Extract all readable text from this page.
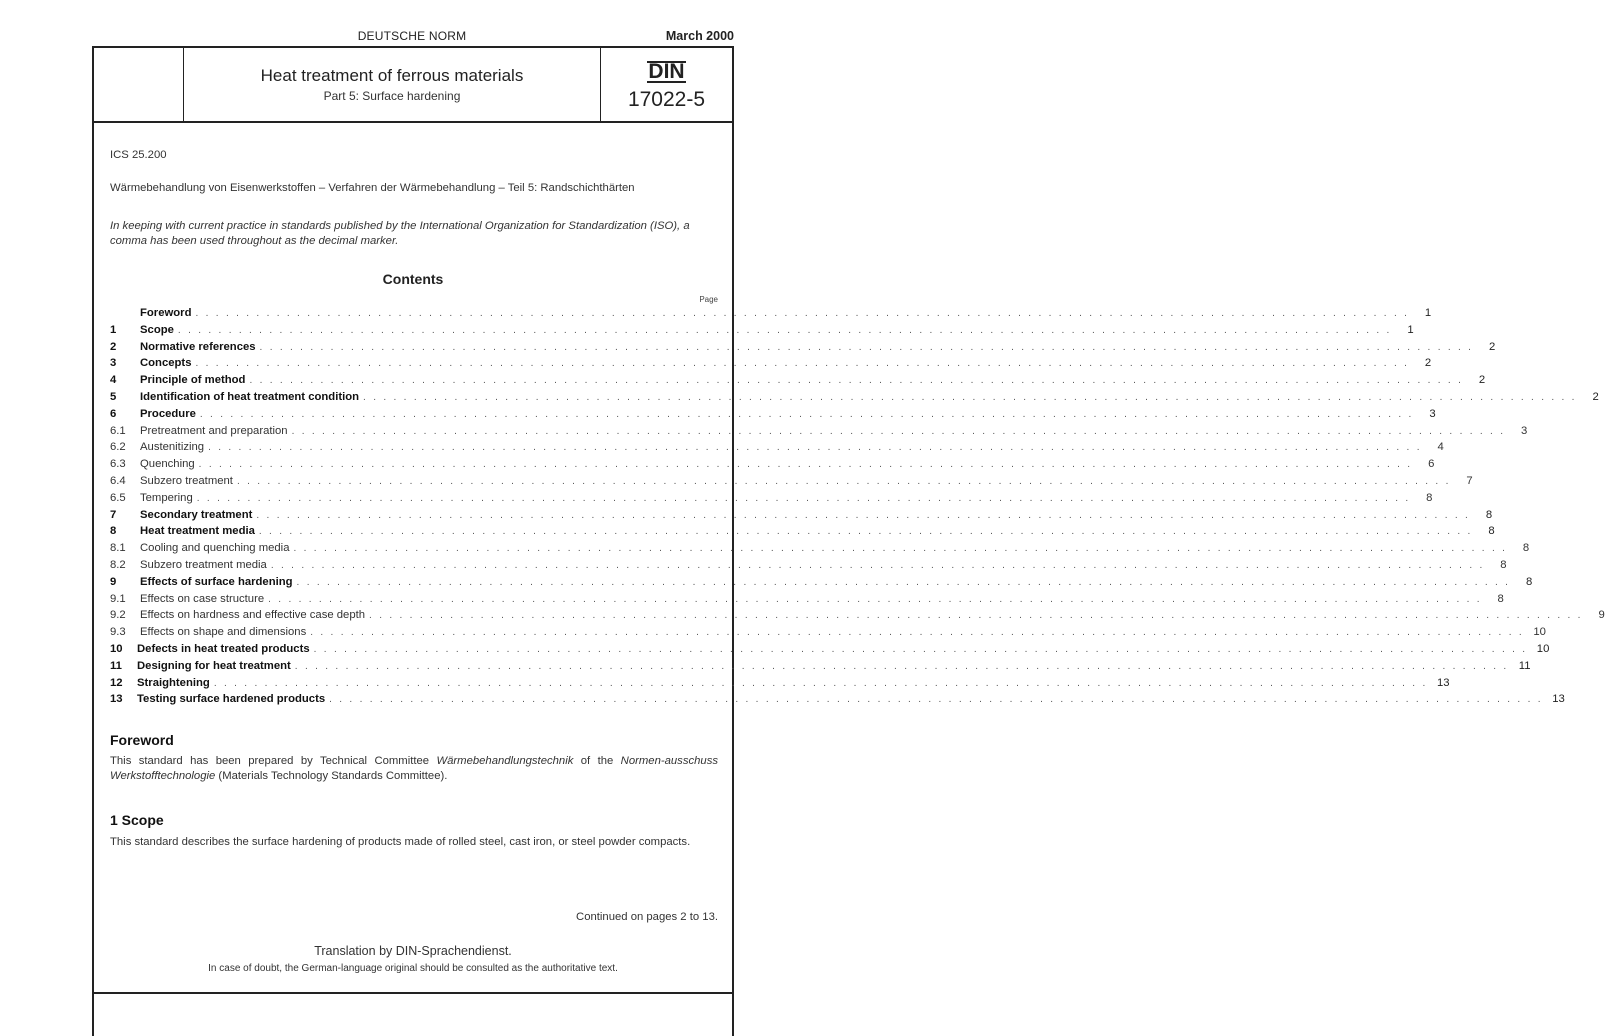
DEUTSCHE NORM	March 2000
Heat treatment of ferrous materials
Part 5: Surface hardening
DIN
17022-5
ICS 25.200
Wärmebehandlung von Eisenwerkstoffen – Verfahren der Wärmebehandlung – Teil 5: Randschichthärten
In keeping with current practice in standards published by the International Organization for Standardization (ISO), a comma has been used throughout as the decimal marker.
Contents
Page
Foreword . . . . . . . . . . . . . . . . . . . . . . . . . . . . . . . . . . . . . . . . . . . . . . . . . . . . . . . . . . . . . . . . . . . . . . . . . . . . . . . . . . . . . . . . . . . . . . . . . . . . . . . . . . . . . . . . . . . . . . . .	1
1	Scope . . . . . . . . . . . . . . . . . . . . . . . . . . . . . . . . . . . . . . . . . . . . . . . . . . . . . . . . . . . . . . . . . . . . . . . . . . . . . . . . . . . . . . . . . . . . . . . . . . . . . . . . . . . . . . . . . . . . . . . .	1
2	Normative references . . . . . . . . . . . . . . . . . . . . . . . . . . . . . . . . . . . . . . . . . . . . . . . . . . . . . . . . . . . . . . . . . . . . . . . . . . . . . . . . . . . . . . . . . . . . . . . . . . . . . . . . . . . . . . . . . . . . . . . .	2
3	Concepts . . . . . . . . . . . . . . . . . . . . . . . . . . . . . . . . . . . . . . . . . . . . . . . . . . . . . . . . . . . . . . . . . . . . . . . . . . . . . . . . . . . . . . . . . . . . . . . . . . . . . . . . . . . . . . . . . . . . . . . .	2
4	Principle of method . . . . . . . . . . . . . . . . . . . . . . . . . . . . . . . . . . . . . . . . . . . . . . . . . . . . . . . . . . . . . . . . . . . . . . . . . . . . . . . . . . . . . . . . . . . . . . . . . . . . . . . . . . . . . . . . . . . . . . . .	2
5	Identification of heat treatment condition . . . . . . . . . . . . . . . . . . . . . . . . . . . . . . . . . . . . . . . . . . . . . . . . . . . . . . . . . . . . . . . . . . . . . . . . . . . . . . . . . . . . . . . . . . . . . . . . . . . . . . . . . . . . . . . . . . . . . . . .	2
6	Procedure . . . . . . . . . . . . . . . . . . . . . . . . . . . . . . . . . . . . . . . . . . . . . . . . . . . . . . . . . . . . . . . . . . . . . . . . . . . . . . . . . . . . . . . . . . . . . . . . . . . . . . . . . . . . . . . . . . . . . . . .	3
6.1	Pretreatment and preparation . . . . . . . . . . . . . . . . . . . . . . . . . . . . . . . . . . . . . . . . . . . . . . . . . . . . . . . . . . . . . . . . . . . . . . . . . . . . . . . . . . . . . . . . . . . . . . . . . . . . . . . . . . . . . . . . . . . . . . . .	3
6.2	Austenitizing . . . . . . . . . . . . . . . . . . . . . . . . . . . . . . . . . . . . . . . . . . . . . . . . . . . . . . . . . . . . . . . . . . . . . . . . . . . . . . . . . . . . . . . . . . . . . . . . . . . . . . . . . . . . . . . . . . . . . . . .	4
6.3	Quenching . . . . . . . . . . . . . . . . . . . . . . . . . . . . . . . . . . . . . . . . . . . . . . . . . . . . . . . . . . . . . . . . . . . . . . . . . . . . . . . . . . . . . . . . . . . . . . . . . . . . . . . . . . . . . . . . . . . . . . . .	6
6.4	Subzero treatment . . . . . . . . . . . . . . . . . . . . . . . . . . . . . . . . . . . . . . . . . . . . . . . . . . . . . . . . . . . . . . . . . . . . . . . . . . . . . . . . . . . . . . . . . . . . . . . . . . . . . . . . . . . . . . . . . . . . . . . .	7
6.5	Tempering . . . . . . . . . . . . . . . . . . . . . . . . . . . . . . . . . . . . . . . . . . . . . . . . . . . . . . . . . . . . . . . . . . . . . . . . . . . . . . . . . . . . . . . . . . . . . . . . . . . . . . . . . . . . . . . . . . . . . . . .	8
7	Secondary treatment . . . . . . . . . . . . . . . . . . . . . . . . . . . . . . . . . . . . . . . . . . . . . . . . . . . . . . . . . . . . . . . . . . . . . . . . . . . . . . . . . . . . . . . . . . . . . . . . . . . . . . . . . . . . . . . . . . . . . . . .	8
8	Heat treatment media . . . . . . . . . . . . . . . . . . . . . . . . . . . . . . . . . . . . . . . . . . . . . . . . . . . . . . . . . . . . . . . . . . . . . . . . . . . . . . . . . . . . . . . . . . . . . . . . . . . . . . . . . . . . . . . . . . . . . . . .	8
8.1	Cooling and quenching media . . . . . . . . . . . . . . . . . . . . . . . . . . . . . . . . . . . . . . . . . . . . . . . . . . . . . . . . . . . . . . . . . . . . . . . . . . . . . . . . . . . . . . . . . . . . . . . . . . . . . . . . . . . . . . . . . . . . . . . .	8
8.2	Subzero treatment media . . . . . . . . . . . . . . . . . . . . . . . . . . . . . . . . . . . . . . . . . . . . . . . . . . . . . . . . . . . . . . . . . . . . . . . . . . . . . . . . . . . . . . . . . . . . . . . . . . . . . . . . . . . . . . . . . . . . . . . .	8
9	Effects of surface hardening . . . . . . . . . . . . . . . . . . . . . . . . . . . . . . . . . . . . . . . . . . . . . . . . . . . . . . . . . . . . . . . . . . . . . . . . . . . . . . . . . . . . . . . . . . . . . . . . . . . . . . . . . . . . . . . . . . . . . . . .	8
9.1	Effects on case structure . . . . . . . . . . . . . . . . . . . . . . . . . . . . . . . . . . . . . . . . . . . . . . . . . . . . . . . . . . . . . . . . . . . . . . . . . . . . . . . . . . . . . . . . . . . . . . . . . . . . . . . . . . . . . . . . . . . . . . . .	8
9.2	Effects on hardness and effective case depth . . . . . . . . . . . . . . . . . . . . . . . . . . . . . . . . . . . . . . . . . . . . . . . . . . . . . . . . . . . . . . . . . . . . . . . . . . . . . . . . . . . . . . . . . . . . . . . . . . . . . . . . . . . . . . . . . . . . . . . .	9
9.3	Effects on shape and dimensions . . . . . . . . . . . . . . . . . . . . . . . . . . . . . . . . . . . . . . . . . . . . . . . . . . . . . . . . . . . . . . . . . . . . . . . . . . . . . . . . . . . . . . . . . . . . . . . . . . . . . . . . . . . . . . . . . . . . . . . . 10
10	Defects in heat treated products . . . . . . . . . . . . . . . . . . . . . . . . . . . . . . . . . . . . . . . . . . . . . . . . . . . . . . . . . . . . . . . . . . . . . . . . . . . . . . . . . . . . . . . . . . . . . . . . . . . . . . . . . . . . . . . . . . . . . . . . 10
11	Designing for heat treatment . . . . . . . . . . . . . . . . . . . . . . . . . . . . . . . . . . . . . . . . . . . . . . . . . . . . . . . . . . . . . . . . . . . . . . . . . . . . . . . . . . . . . . . . . . . . . . . . . . . . . . . . . . . . . . . . . . . . . . . . 11
12	Straightening . . . . . . . . . . . . . . . . . . . . . . . . . . . . . . . . . . . . . . . . . . . . . . . . . . . . . . . . . . . . . . . . . . . . . . . . . . . . . . . . . . . . . . . . . . . . . . . . . . . . . . . . . . . . . . . . . . . . . . . . 13
13	Testing surface hardened products . . . . . . . . . . . . . . . . . . . . . . . . . . . . . . . . . . . . . . . . . . . . . . . . . . . . . . . . . . . . . . . . . . . . . . . . . . . . . . . . . . . . . . . . . . . . . . . . . . . . . . . . . . . . . . . . . . . . . . . . 13
Foreword
This standard has been prepared by Technical Committee Wärmebehandlungstechnik of the Normen-ausschuss Werkstofftechnologie (Materials Technology Standards Committee).
1 Scope
This standard describes the surface hardening of products made of rolled steel, cast iron, or steel powder compacts.
Continued on pages 2 to 13.
Translation by DIN-Sprachendienst.
In case of doubt, the German-language original should be consulted as the authoritative text.
